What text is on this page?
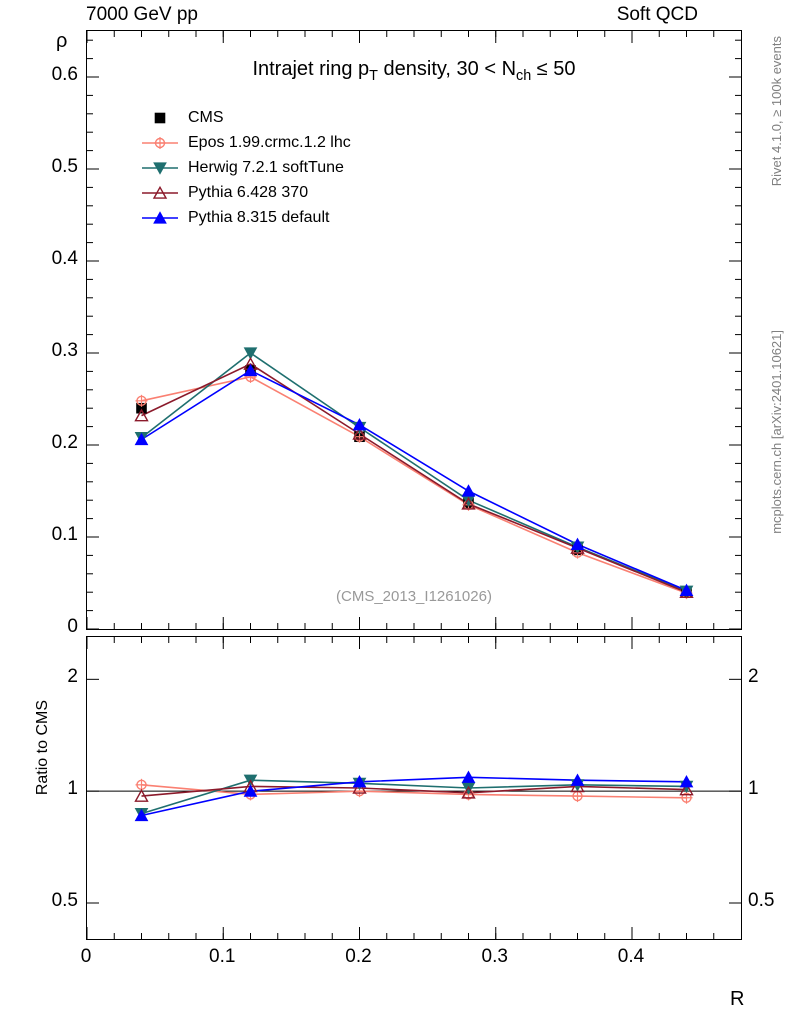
7000 GeV pp	Soft QCD
Rivet 4.1.0, ≥ 100k events
mcplots.cern.ch [arXiv:2401.10621]
ρ
R
Ratio to CMS
Intrajet ring $p_T$ density, $30 < N_{ch} \le 50$
(CMS_2013_I1261026)
CMS
Epos 1.99.crmc.1.2 lhc
Herwig 7.2.1 softTune
Pythia 6.428 370
Pythia 8.315 default
0
0.1
0.2
0.3
0.4
0.5
0.6
0.5	0.5
1	1
2	2
0	0.1	0.2	0.3	0.4
